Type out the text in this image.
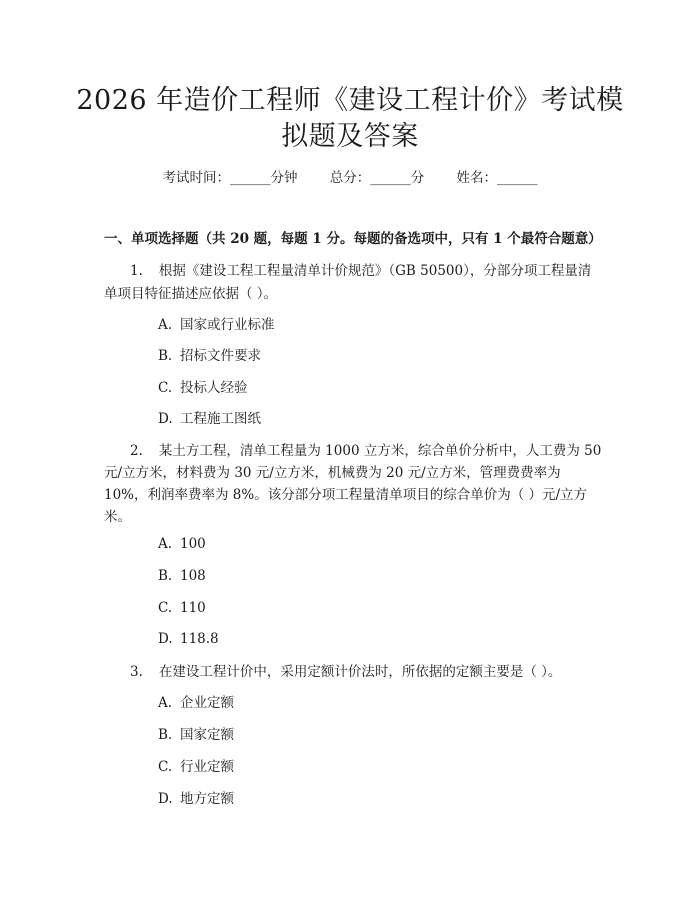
2026 年造价工程师《建设工程计价》考试模
拟题及答案
考试时间：______分钟 总分：______分 姓名：______
一、单项选择题（共 20 题，每题 1 分。每题的备选项中，只有 1 个最符合题意）
1. 根据《建设工程工程量清单计价规范》（GB 50500），分部分项工程量清
单项目特征描述应依据（ ）。
A. 国家或行业标准
B. 招标文件要求
C. 投标人经验
D. 工程施工图纸
2. 某土方工程，清单工程量为 1000 立方米，综合单价分析中，人工费为 50
元/立方米，材料费为 30 元/立方米，机械费为 20 元/立方米，管理费费率为
10%，利润率费率为 8%。该分部分项工程量清单项目的综合单价为（ ）元/立方
米。
A. 100
B. 108
C. 110
D. 118.8
3. 在建设工程计价中，采用定额计价法时，所依据的定额主要是（ ）。
A. 企业定额
B. 国家定额
C. 行业定额
D. 地方定额
